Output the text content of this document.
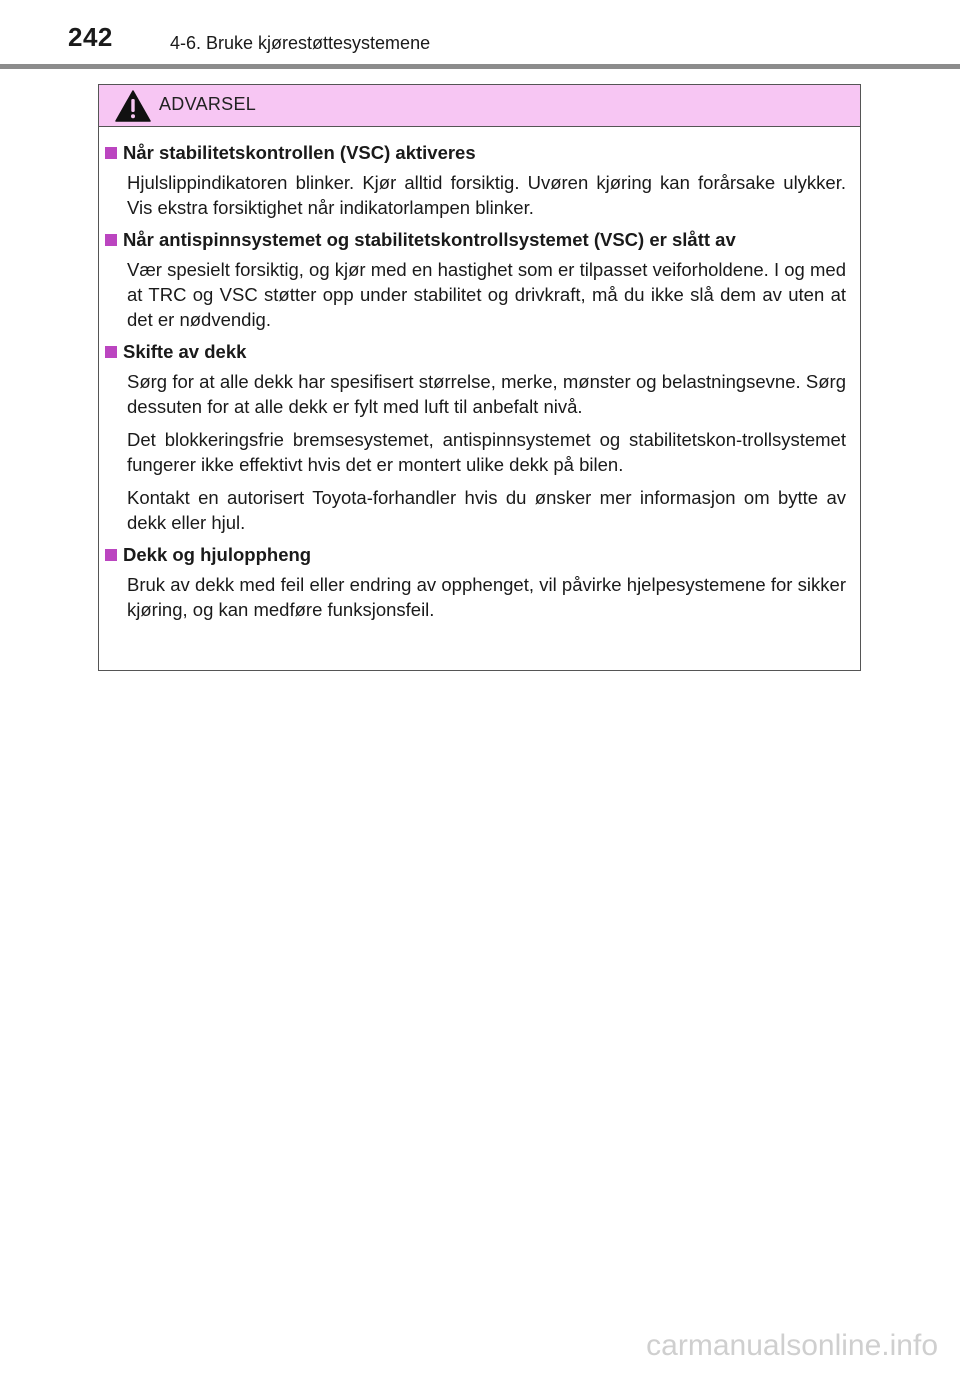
242	4-6. Bruke kjørestøttesystemene
ADVARSEL
Når stabilitetskontrollen (VSC) aktiveres

Hjulslippindikatoren blinker. Kjør alltid forsiktig. Uvøren kjøring kan forårsake ulykker. Vis ekstra forsiktighet når indikatorlampen blinker.

Når antispinnsystemet og stabilitetskontrollsystemet (VSC) er slått av

Vær spesielt forsiktig, og kjør med en hastighet som er tilpasset veiforholdene. I og med at TRC og VSC støtter opp under stabilitet og drivkraft, må du ikke slå dem av uten at det er nødvendig.

Skifte av dekk

Sørg for at alle dekk har spesifisert størrelse, merke, mønster og belastningsevne. Sørg dessuten for at alle dekk er fylt med luft til anbefalt nivå.

Det blokkeringsfrie bremsesystemet, antispinnsystemet og stabilitetskon-trollsystemet fungerer ikke effektivt hvis det er montert ulike dekk på bilen.

Kontakt en autorisert Toyota-forhandler hvis du ønsker mer informasjon om bytte av dekk eller hjul.

Dekk og hjuloppheng

Bruk av dekk med feil eller endring av opphenget, vil påvirke hjelpesystemene for sikker kjøring, og kan medføre funksjonsfeil.

carmanualsonline.info
